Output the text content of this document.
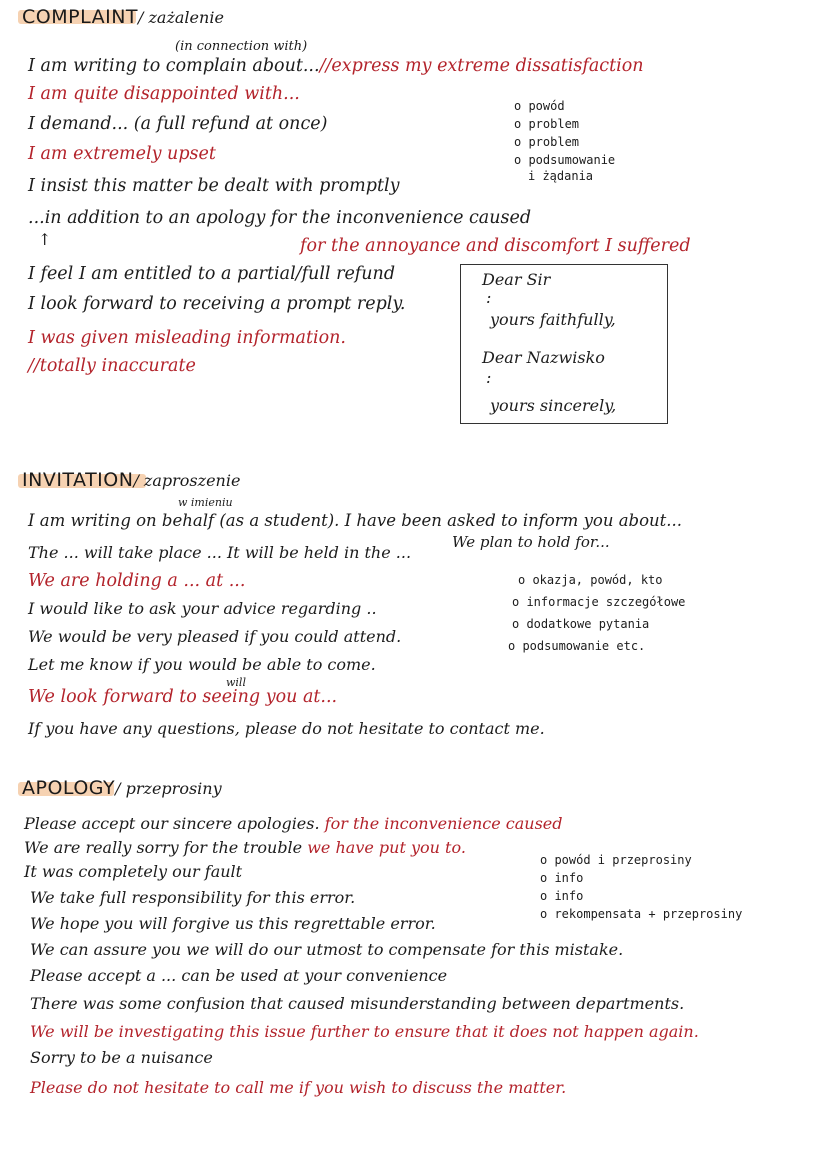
COMPLAINT/ zażalenie
(in connection with)
I am writing to complain about...//express my extreme dissatisfaction
I am quite disappointed with...
I demand... (a full refund at once)
I am extremely upset
I insist this matter be dealt with promptly
...in addition to an apology for the inconvenience caused
↑	for the annoyance and discomfort I suffered
I feel I am entitled to a partial/full refund
I look forward to receiving a prompt reply.
I was given misleading information.
//totally inaccurate
o powód
o problem
o problem
o podsumowanie
i żądania
Dear Sir
:
yours faithfully,
Dear Nazwisko
:
yours sincerely,
INVITATION/ zaproszenie
w imieniu
I am writing on behalf (as a student). I have been asked to inform you about...
The ... will take place ... It will be held in the ...
We plan to hold for...
We are holding a ... at ...
I would like to ask your advice regarding ..
We would be very pleased if you could attend.
Let me know if you would be able to come.
will
We look forward to seeing you at...
If you have any questions, please do not hesitate to contact me.
o okazja, powód, kto
o informacje szczegółowe
o dodatkowe pytania
o podsumowanie etc.
APOLOGY/ przeprosiny
Please accept our sincere apologies. for the inconvenience caused
We are really sorry for the trouble we have put you to.
It was completely our fault
We take full responsibility for this error.
We hope you will forgive us this regrettable error.
We can assure you we will do our utmost to compensate for this mistake.
Please accept a ... can be used at your convenience
There was some confusion that caused misunderstanding between departments.
We will be investigating this issue further to ensure that it does not happen again.
Sorry to be a nuisance
Please do not hesitate to call me if you wish to discuss the matter.
o powód i przeprosiny
o info
o info
o rekompensata + przeprosiny
